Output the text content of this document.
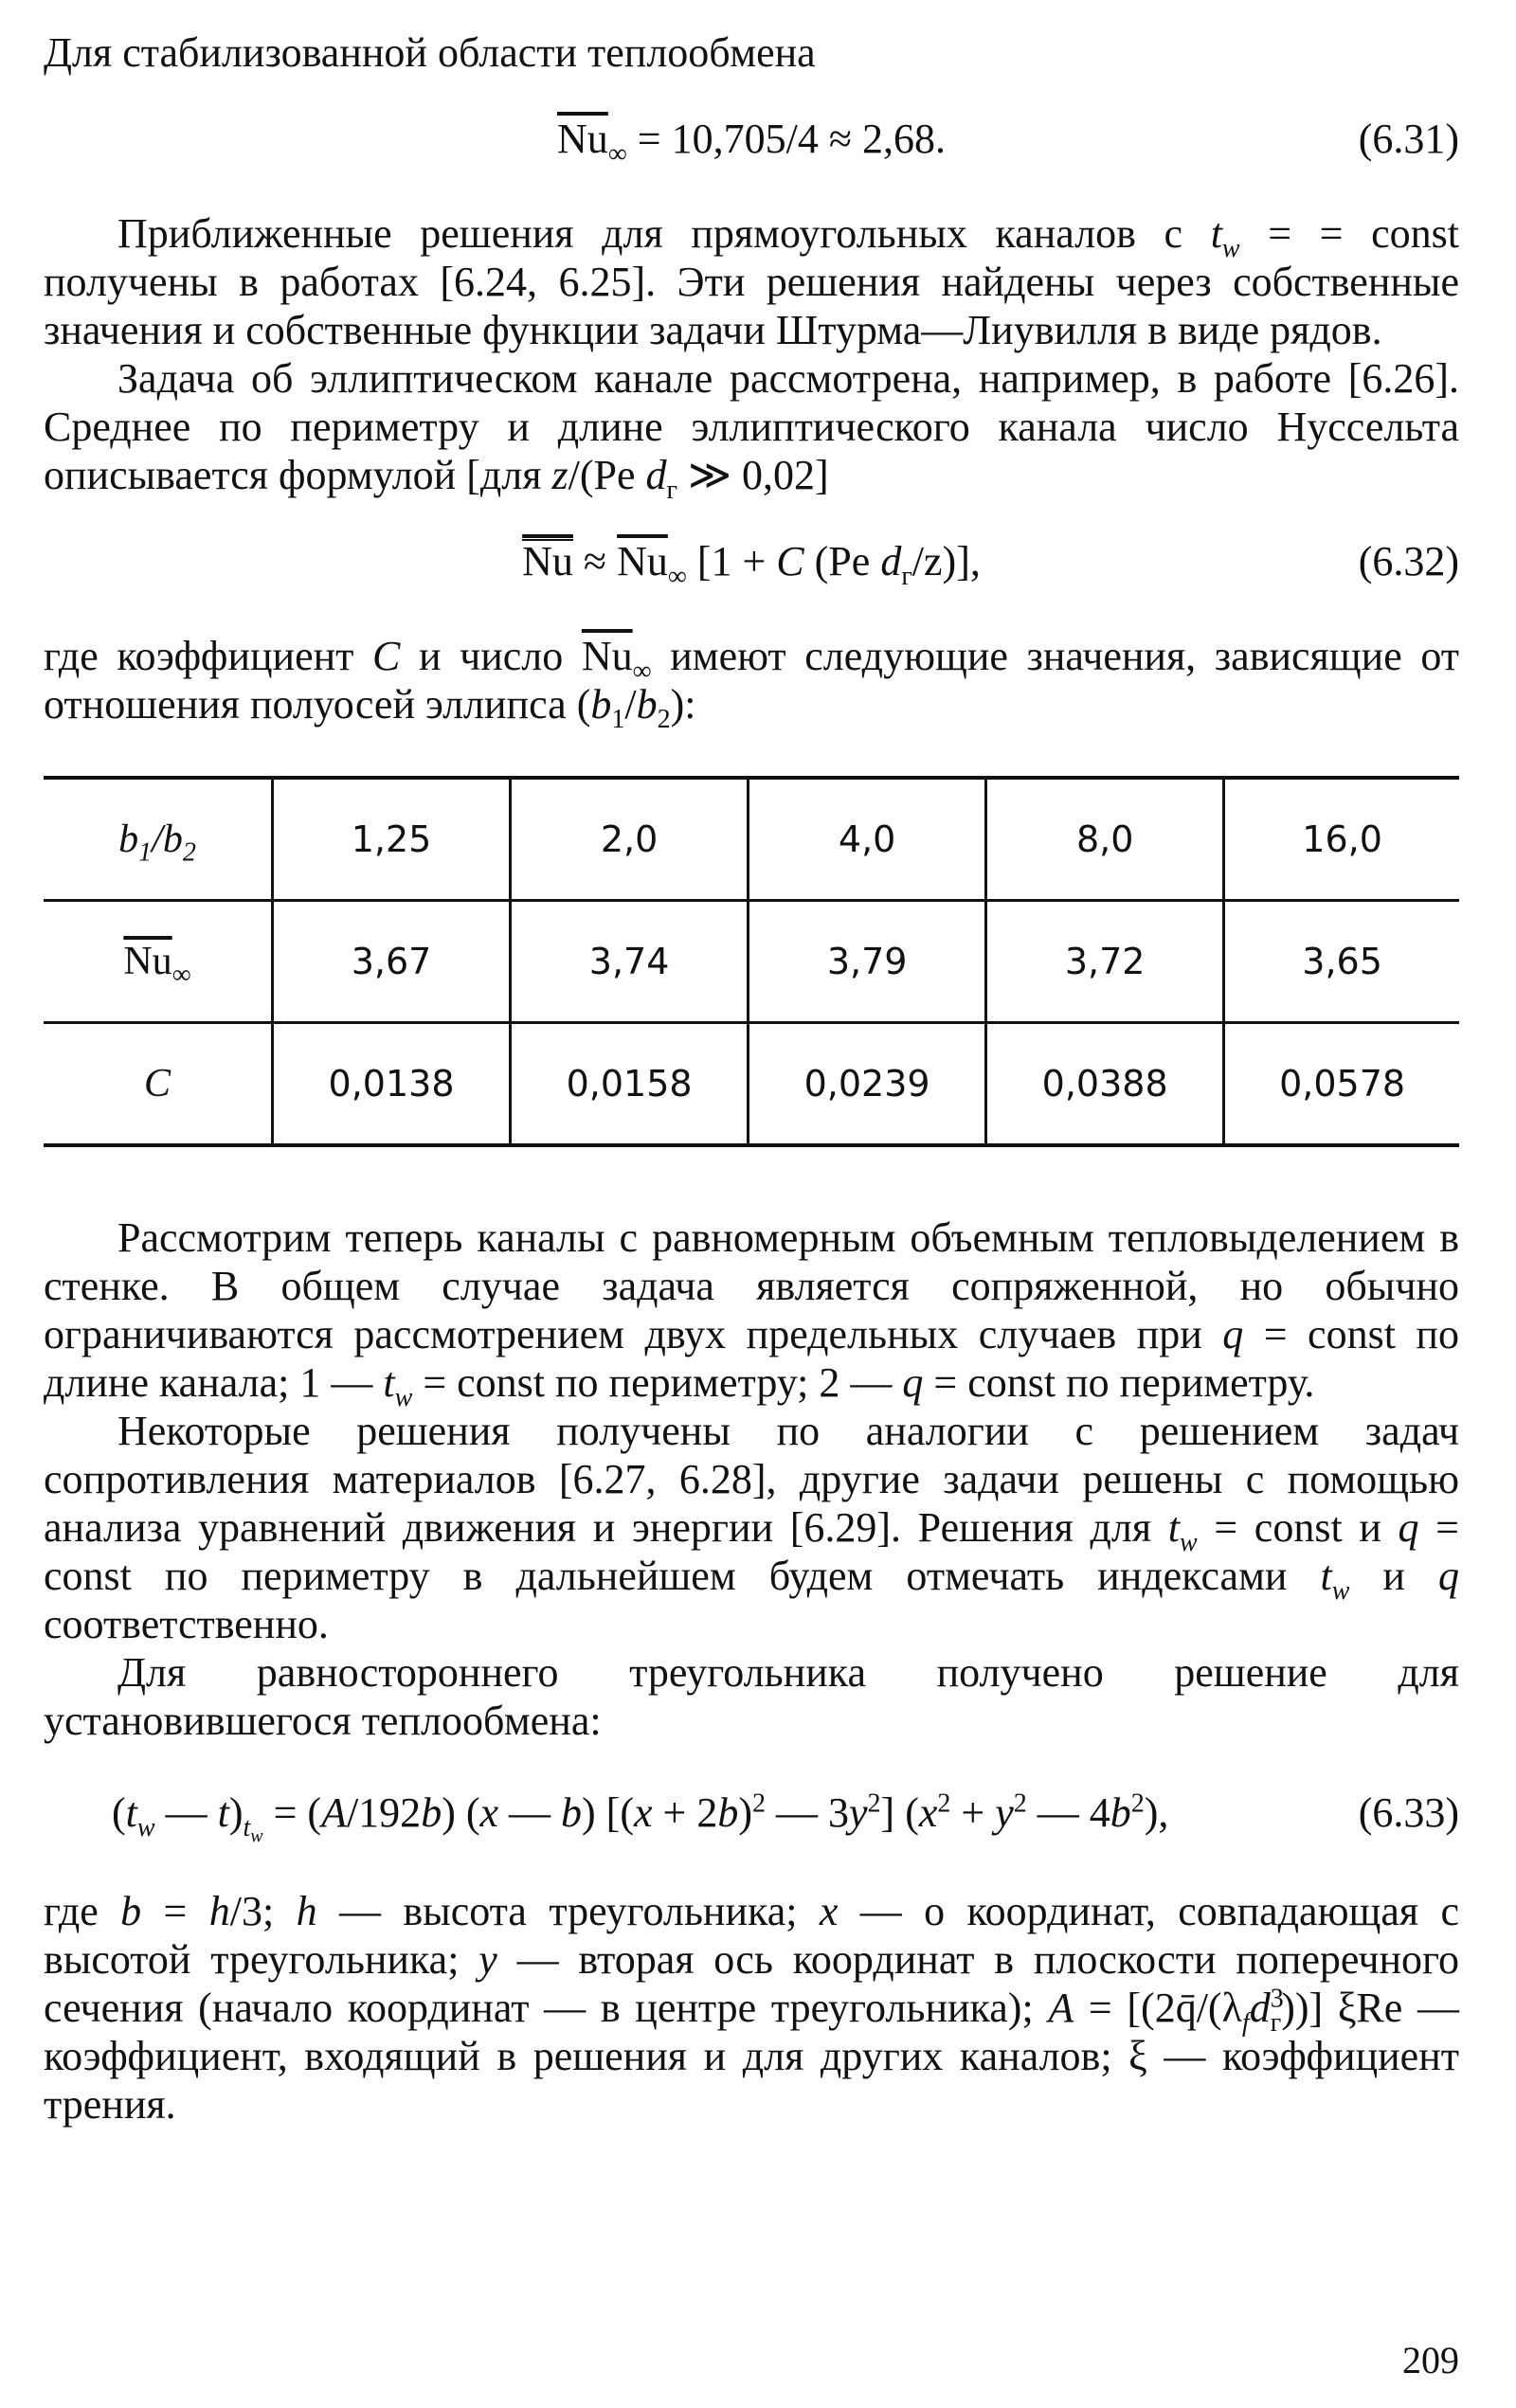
Для стабилизованной области теплообмена

$\overline{Nu}_\infty = 10,705/4 \approx 2,68$.	(6.31)

Приближенные решения для прямоугольных каналов с $t_w$ = = const получены в работах [6.24, 6.25]. Эти решения найдены через собственные значения и собственные функции задачи Штурма—Лиувилля в виде рядов.

Задача об эллиптическом канале рассмотрена, например, в работе [6.26]. Среднее по периметру и длине эллиптического канала число Нуссельта описывается формулой [для z/(Pe $d_г$ ≫ 0,02]

$\overline{Nu} \approx \overline{Nu}_\infty$ [1 + C (Pe $d_г/z$)],	(6.32)

где коэффициент C и число $\overline{Nu}_\infty$ имеют следующие значения, зависящие от отношения полуосей эллипса $(b_1/b_2)$:

$b_1/b_2$	1,25	2,0	4,0	8,0	16,0
$\overline{Nu}_\infty$	3,67	3,74	3,79	3,72	3,65
C	0,0138	0,0158	0,0239	0,0388	0,0578

Рассмотрим теперь каналы с равномерным объемным тепловыделением в стенке. В общем случае задача является сопряженной, но обычно ограничиваются рассмотрением двух предельных случаев при q = const по длине канала; 1 — $t_w$ = const по периметру; 2 — q = const по периметру.

Некоторые решения получены по аналогии с решением задач сопротивления материалов [6.27, 6.28], другие задачи решены с помощью анализа уравнений движения и энергии [6.29]. Решения для $t_w$ = const и q = const по периметру в дальнейшем будем отмечать индексами $t_w$ и q соответственно.

Для равностороннего треугольника получено решение для установившегося теплообмена:

($t_w$ — $t)_{t_w} = (A/192b)$ (x — b) [$(x + 2b)^2$ — $3y^2$] ($x^2 + y^2$ — $4b^2$),	(6.33)

где b = h/3; h — высота треугольника; x — о координат, совпадающая с высотой треугольника; y — вторая ось координат в плоскости поперечного сечения (начало координат — в центре треугольника); $A = [(2q̄/(\lambda_fd^3_г))]$ ξRe — коэффициент, входящий в решения и для других каналов; ξ — коэффициент трения.

209
